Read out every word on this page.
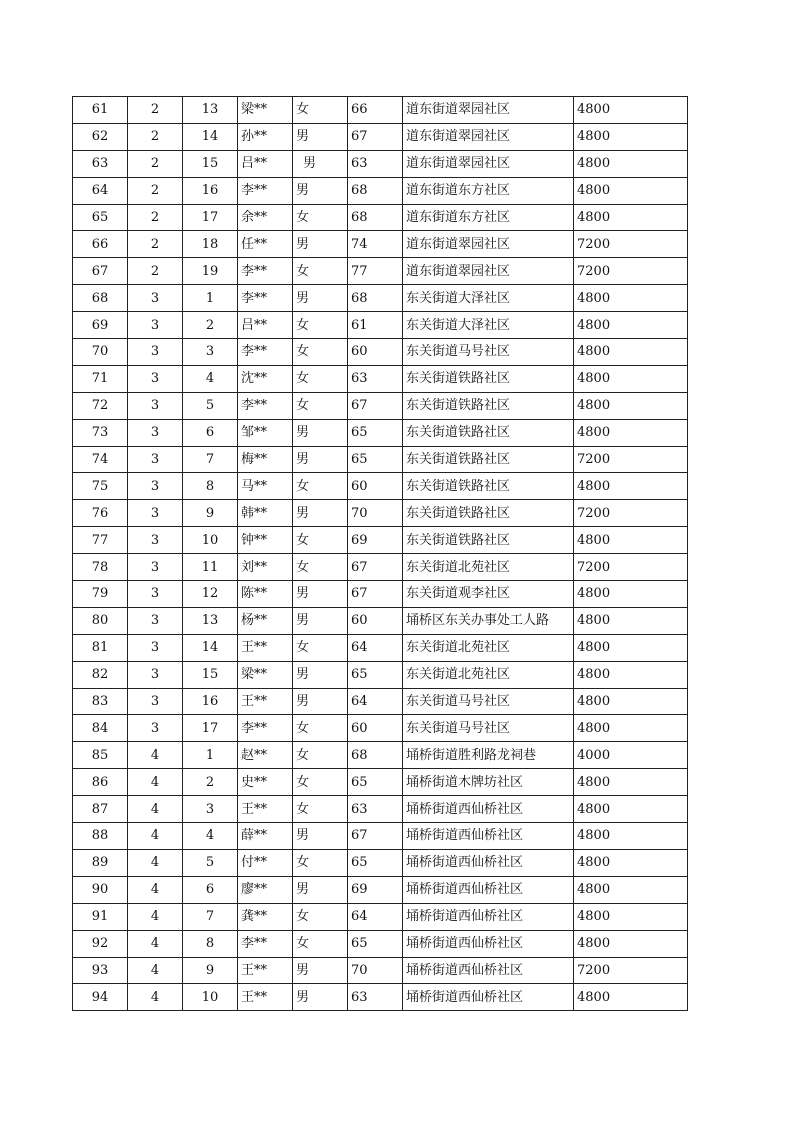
61	2	13	梁**	女	66	道东街道翠园社区	4800
62	2	14	孙**	男	67	道东街道翠园社区	4800
63	2	15	吕**	男	63	道东街道翠园社区	4800
64	2	16	李**	男	68	道东街道东方社区	4800
65	2	17	余**	女	68	道东街道东方社区	4800
66	2	18	任**	男	74	道东街道翠园社区	7200
67	2	19	李**	女	77	道东街道翠园社区	7200
68	3	1	李**	男	68	东关街道大泽社区	4800
69	3	2	吕**	女	61	东关街道大泽社区	4800
70	3	3	李**	女	60	东关街道马号社区	4800
71	3	4	沈**	女	63	东关街道铁路社区	4800
72	3	5	李**	女	67	东关街道铁路社区	4800
73	3	6	邹**	男	65	东关街道铁路社区	4800
74	3	7	梅**	男	65	东关街道铁路社区	7200
75	3	8	马**	女	60	东关街道铁路社区	4800
76	3	9	韩**	男	70	东关街道铁路社区	7200
77	3	10	钟**	女	69	东关街道铁路社区	4800
78	3	11	刘**	女	67	东关街道北苑社区	7200
79	3	12	陈**	男	67	东关街道观李社区	4800
80	3	13	杨**	男	60	埇桥区东关办事处工人路	4800
81	3	14	王**	女	64	东关街道北苑社区	4800
82	3	15	梁**	男	65	东关街道北苑社区	4800
83	3	16	王**	男	64	东关街道马号社区	4800
84	3	17	李**	女	60	东关街道马号社区	4800
85	4	1	赵**	女	68	埇桥街道胜利路龙祠巷	4000
86	4	2	史**	女	65	埇桥街道木牌坊社区	4800
87	4	3	王**	女	63	埇桥街道西仙桥社区	4800
88	4	4	薛**	男	67	埇桥街道西仙桥社区	4800
89	4	5	付**	女	65	埇桥街道西仙桥社区	4800
90	4	6	廖**	男	69	埇桥街道西仙桥社区	4800
91	4	7	龚**	女	64	埇桥街道西仙桥社区	4800
92	4	8	李**	女	65	埇桥街道西仙桥社区	4800
93	4	9	王**	男	70	埇桥街道西仙桥社区	7200
94	4	10	王**	男	63	埇桥街道西仙桥社区	4800
